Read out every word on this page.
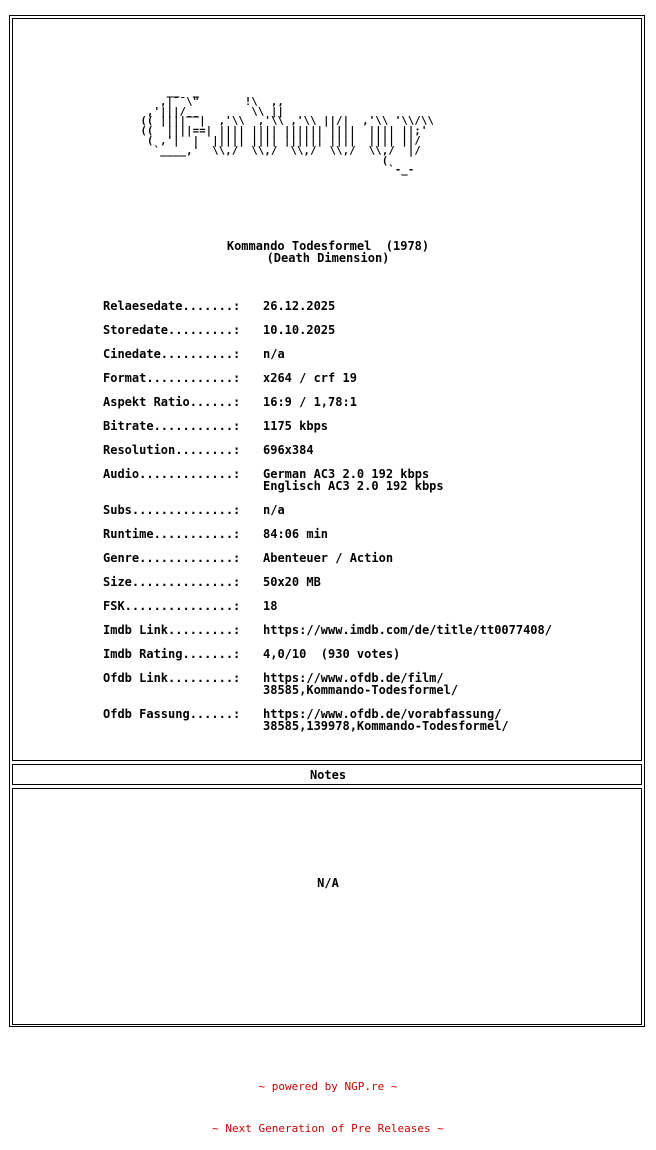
__  _
,|¯¯\"       !\  ,,
,'|||/__        \\ ||
(( ||||¯¯|  ,'\\  ,'\\ ,'\\ ||/|  ,'\\ '\\/\\
((  ||||==| |||| |||| |||||| ||||  |||| ||;'
( ,'|  |  ||||| |||| |||||| ||||  |||| ||/
`____,'  \\,/  \\,/  \\,/  \\,/  \\,/  |/
(
`-_-
Kommando Todesformel  (1978)
(Death Dimension)
Relaesedate.......:	26.12.2025
Storedate.........:	10.10.2025
Cinedate..........:	n/a
Format............:	x264 / crf 19
Aspekt Ratio......:	16:9 / 1,78:1
Bitrate...........:	1175 kbps
Resolution........:	696x384
Audio.............:	German AC3 2.0 192 kbps
Englisch AC3 2.0 192 kbps
Subs..............:	n/a
Runtime...........:	84:06 min
Genre.............:	Abenteuer / Action
Size..............:	50x20 MB
FSK...............:	18
Imdb Link.........:	https://www.imdb.com/de/title/tt0077408/
Imdb Rating.......:	4,0/10  (930 votes)
Ofdb Link.........:	https://www.ofdb.de/film/
38585,Kommando-Todesformel/
Ofdb Fassung......:	https://www.ofdb.de/vorabfassung/
38585,139978,Kommando-Todesformel/
Notes
N/A

~ powered by NGP.re ~

~ Next Generation of Pre Releases ~
